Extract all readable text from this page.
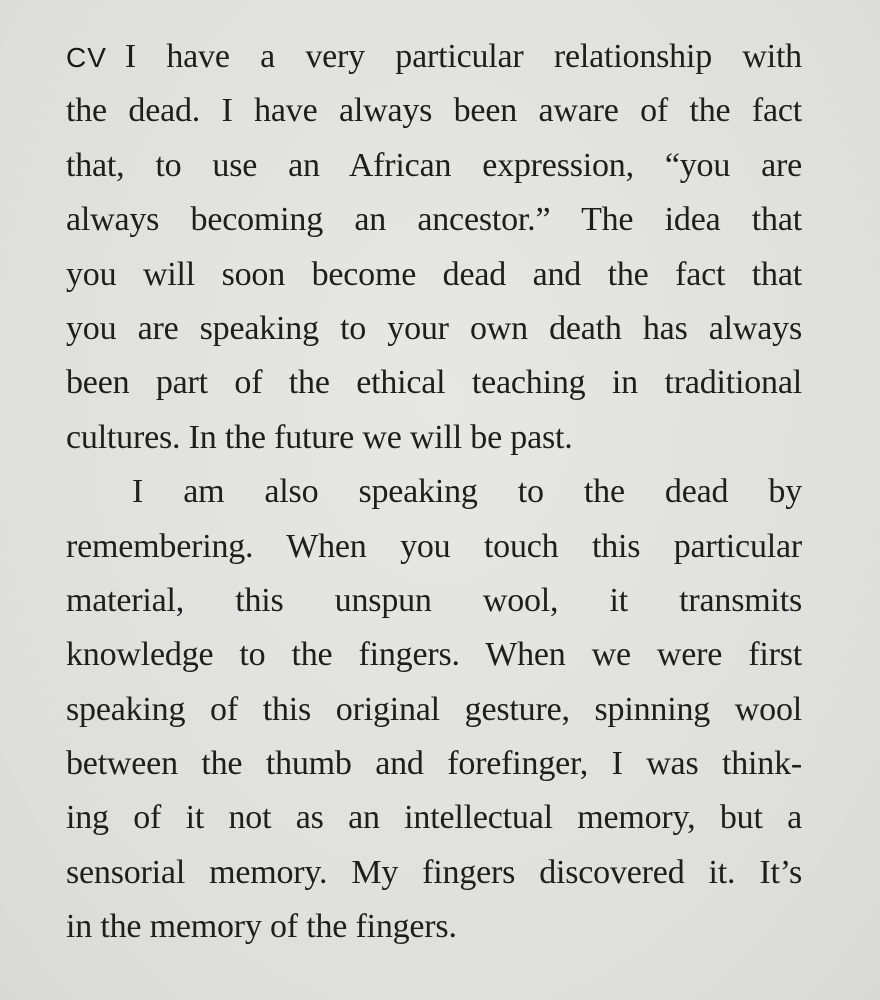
CV I have a very particular relationship with
the dead. I have always been aware of the fact
that, to use an African expression, “you are
always becoming an ancestor.” The idea that
you will soon become dead and the fact that
you are speaking to your own death has always
been part of the ethical teaching in traditional
cultures. In the future we will be past.
I am also speaking to the dead by
remembering. When you touch this particular
material, this unspun wool, it transmits
knowledge to the fingers. When we were first
speaking of this original gesture, spinning wool
between the thumb and forefinger, I was think-
ing of it not as an intellectual memory, but a
sensorial memory. My fingers discovered it. It’s
in the memory of the fingers.
